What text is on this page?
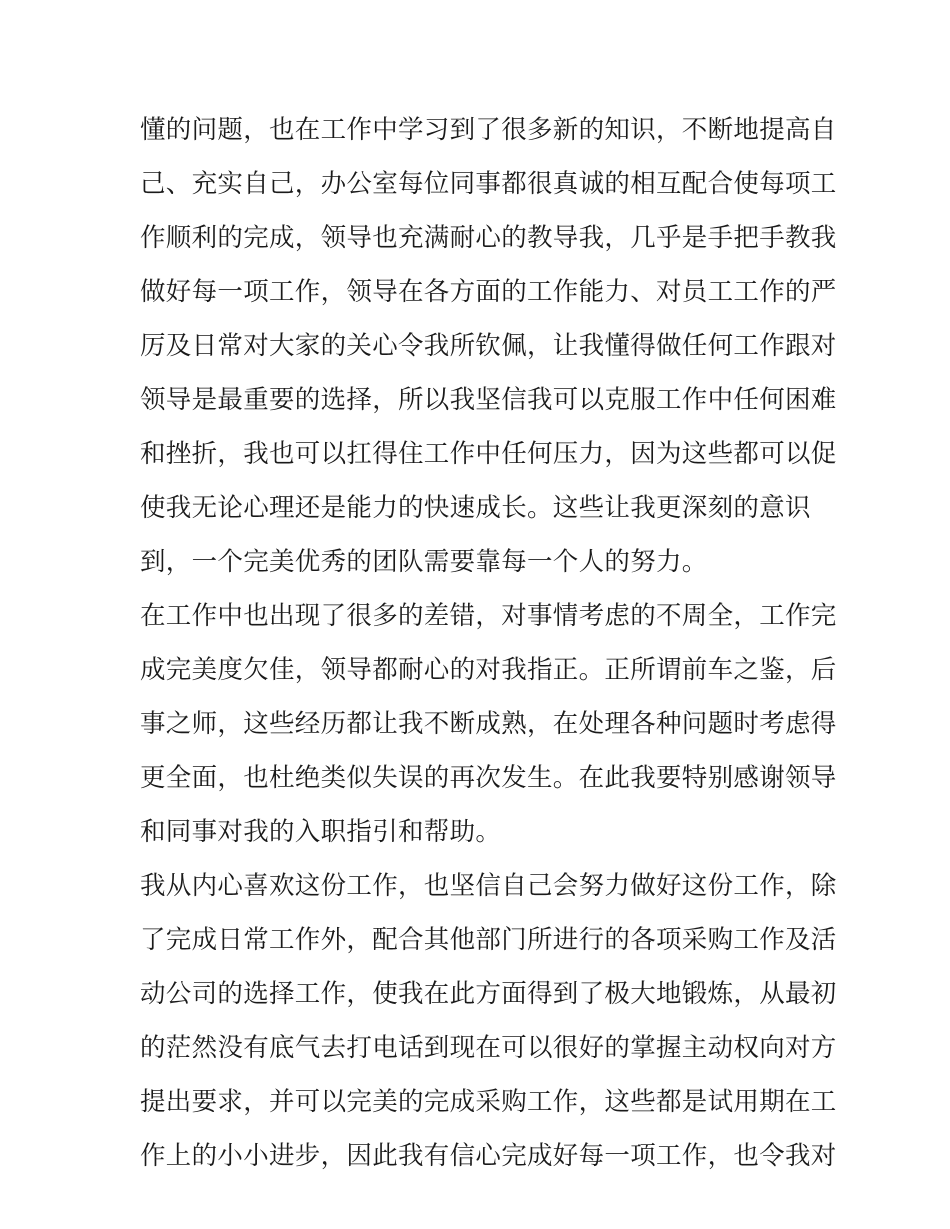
懂的问题，也在工作中学习到了很多新的知识，不断地提高自
己、充实自己，办公室每位同事都很真诚的相互配合使每项工
作顺利的完成，领导也充满耐心的教导我，几乎是手把手教我
做好每一项工作，领导在各方面的工作能力、对员工工作的严
厉及日常对大家的关心令我所钦佩，让我懂得做任何工作跟对
领导是最重要的选择，所以我坚信我可以克服工作中任何困难
和挫折，我也可以扛得住工作中任何压力，因为这些都可以促
使我无论心理还是能力的快速成长。这些让我更深刻的意识
到，一个完美优秀的团队需要靠每一个人的努力。
在工作中也出现了很多的差错，对事情考虑的不周全，工作完
成完美度欠佳，领导都耐心的对我指正。正所谓前车之鉴，后
事之师，这些经历都让我不断成熟，在处理各种问题时考虑得
更全面，也杜绝类似失误的再次发生。在此我要特别感谢领导
和同事对我的入职指引和帮助。
我从内心喜欢这份工作，也坚信自己会努力做好这份工作，除
了完成日常工作外，配合其他部门所进行的各项采购工作及活
动公司的选择工作，使我在此方面得到了极大地锻炼，从最初
的茫然没有底气去打电话到现在可以很好的掌握主动权向对方
提出要求，并可以完美的完成采购工作，这些都是试用期在工
作上的小小进步，因此我有信心完成好每一项工作，也令我对
